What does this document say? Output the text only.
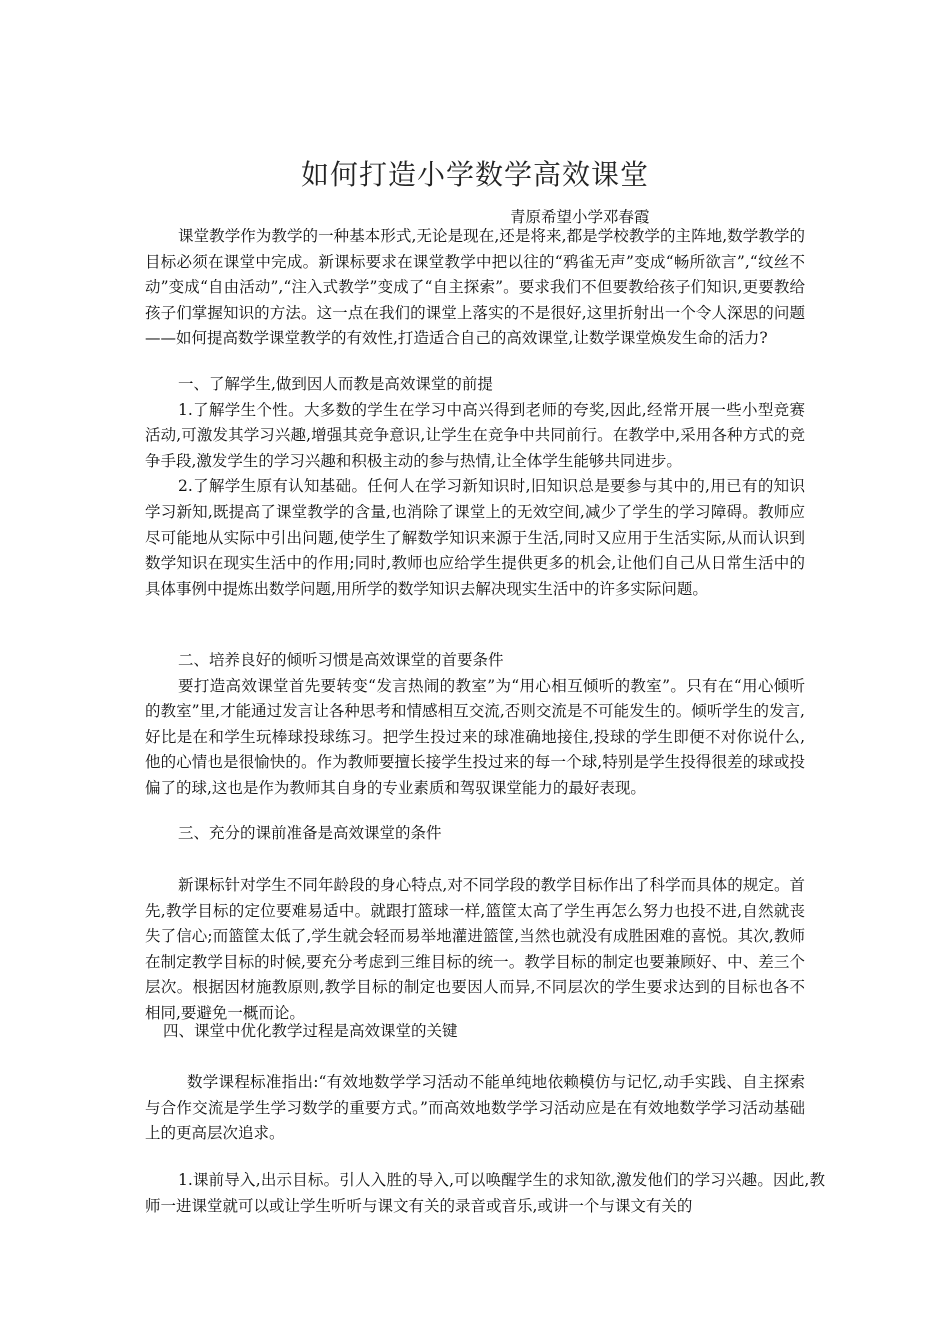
如何打造小学数学高效课堂
青原希望小学邓春霞

课堂教学作为教学的一种基本形式,无论是现在,还是将来,都是学校教学的主阵地,数学教学的目标必须在课堂中完成。新课标要求在课堂教学中把以往的“鸦雀无声”变成“畅所欲言”,“纹丝不动”变成“自由活动”,“注入式教学”变成了“自主探索”。要求我们不但要教给孩子们知识,更要教给孩子们掌握知识的方法。这一点在我们的课堂上落实的不是很好,这里折射出一个令人深思的问题——如何提高数学课堂教学的有效性,打造适合自己的高效课堂,让数学课堂焕发生命的活力?

一、了解学生,做到因人而教是高效课堂的前提

1.了解学生个性。大多数的学生在学习中高兴得到老师的夸奖,因此,经常开展一些小型竞赛活动,可激发其学习兴趣,增强其竞争意识,让学生在竞争中共同前行。在教学中,采用各种方式的竞争手段,激发学生的学习兴趣和积极主动的参与热情,让全体学生能够共同进步。

2.了解学生原有认知基础。任何人在学习新知识时,旧知识总是要参与其中的,用已有的知识学习新知,既提高了课堂教学的含量,也消除了课堂上的无效空间,减少了学生的学习障碍。教师应尽可能地从实际中引出问题,使学生了解数学知识来源于生活,同时又应用于生活实际,从而认识到数学知识在现实生活中的作用;同时,教师也应给学生提供更多的机会,让他们自己从日常生活中的具体事例中提炼出数学问题,用所学的数学知识去解决现实生活中的许多实际问题。

二、培养良好的倾听习惯是高效课堂的首要条件

要打造高效课堂首先要转变“发言热闹的教室”为“用心相互倾听的教室”。只有在“用心倾听的教室”里,才能通过发言让各种思考和情感相互交流,否则交流是不可能发生的。倾听学生的发言,好比是在和学生玩棒球投球练习。把学生投过来的球准确地接住,投球的学生即便不对你说什么,他的心情也是很愉快的。作为教师要擅长接学生投过来的每一个球,特别是学生投得很差的球或投偏了的球,这也是作为教师其自身的专业素质和驾驭课堂能力的最好表现。

三、充分的课前准备是高效课堂的条件

新课标针对学生不同年龄段的身心特点,对不同学段的教学目标作出了科学而具体的规定。首先,教学目标的定位要难易适中。就跟打篮球一样,篮筐太高了学生再怎么努力也投不进,自然就丧失了信心;而篮筐太低了,学生就会轻而易举地灌进篮筐,当然也就没有成胜困难的喜悦。其次,教师在制定教学目标的时候,要充分考虑到三维目标的统一。教学目标的制定也要兼顾好、中、差三个层次。根据因材施教原则,教学目标的制定也要因人而异,不同层次的学生要求达到的目标也各不相同,要避免一概而论。

四、课堂中优化教学过程是高效课堂的关键

数学课程标准指出:“有效地数学学习活动不能单纯地依赖模仿与记忆,动手实践、自主探索与合作交流是学生学习数学的重要方式。”而高效地数学学习活动应是在有效地数学学习活动基础上的更高层次追求。

1.课前导入,出示目标。引人入胜的导入,可以唤醒学生的求知欲,激发他们的学习兴趣。因此,教师一进课堂就可以或让学生听听与课文有关的录音或音乐,或讲一个与课文有关的
